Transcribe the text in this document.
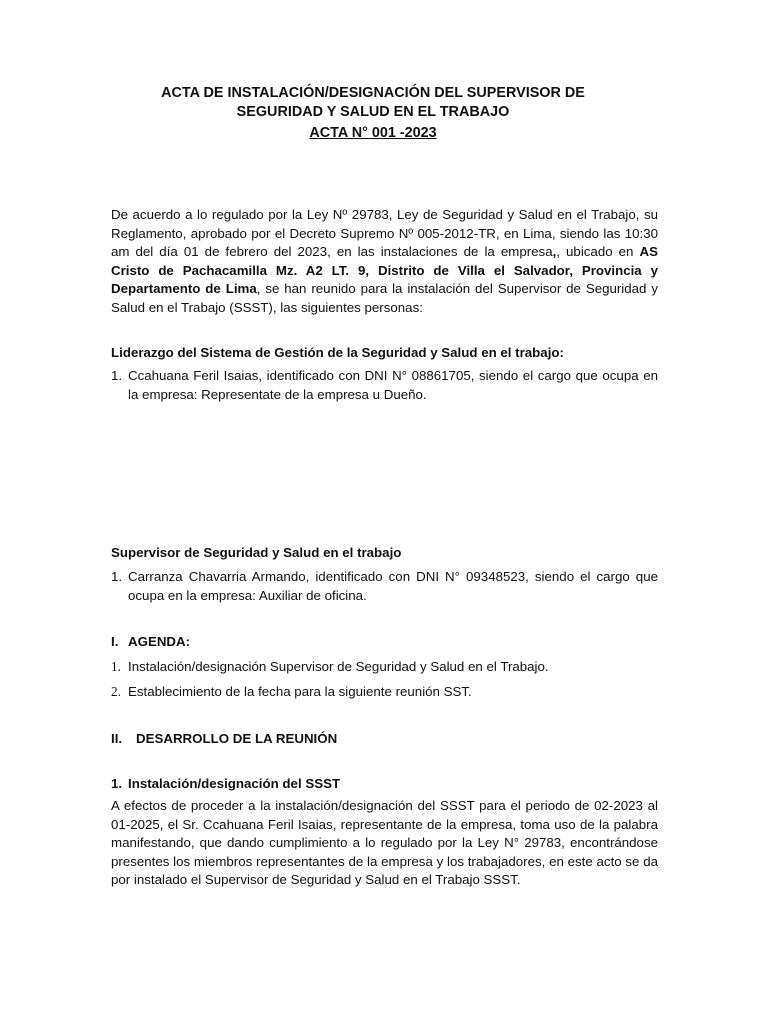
ACTA DE INSTALACIÓN/DESIGNACIÓN DEL SUPERVISOR DE
SEGURIDAD Y SALUD EN EL TRABAJO
ACTA N° 001 -2023

De acuerdo a lo regulado por la Ley Nº 29783, Ley de Seguridad y Salud en el Trabajo, su Reglamento, aprobado por el Decreto Supremo Nº 005-2012-TR, en Lima, siendo las 10:30 am del día 01 de febrero del 2023, en las instalaciones de la empresa,, ubicado en AS Cristo de Pachacamilla Mz. A2 LT. 9, Distrito de Villa el Salvador, Provincia y Departamento de Lima, se han reunido para la instalación del Supervisor de Seguridad y Salud en el Trabajo (SSST), las siguientes personas:

Liderazgo del Sistema de Gestión de la Seguridad y Salud en el trabajo:
1. Ccahuana Feril Isaias, identificado con DNI N° 08861705, siendo el cargo que ocupa en la empresa: Representate de la empresa u Dueño.
Supervisor de Seguridad y Salud en el trabajo
1. Carranza Chavarria Armando, identificado con DNI N° 09348523, siendo el cargo que ocupa en la empresa: Auxiliar de oficina.
I. AGENDA:
1. Instalación/designación Supervisor de Seguridad y Salud en el Trabajo.
2. Establecimiento de la fecha para la siguiente reunión SST.
II. DESARROLLO DE LA REUNIÓN
1. Instalación/designación del SSST

A efectos de proceder a la instalación/designación del SSST para el periodo de 02-2023 al 01-2025, el Sr. Ccahuana Feril Isaias, representante de la empresa, toma uso de la palabra manifestando, que dando cumplimiento a lo regulado por la Ley N° 29783, encontrándose presentes los miembros representantes de la empresa y los trabajadores, en este acto se da por instalado el Supervisor de Seguridad y Salud en el Trabajo SSST.
